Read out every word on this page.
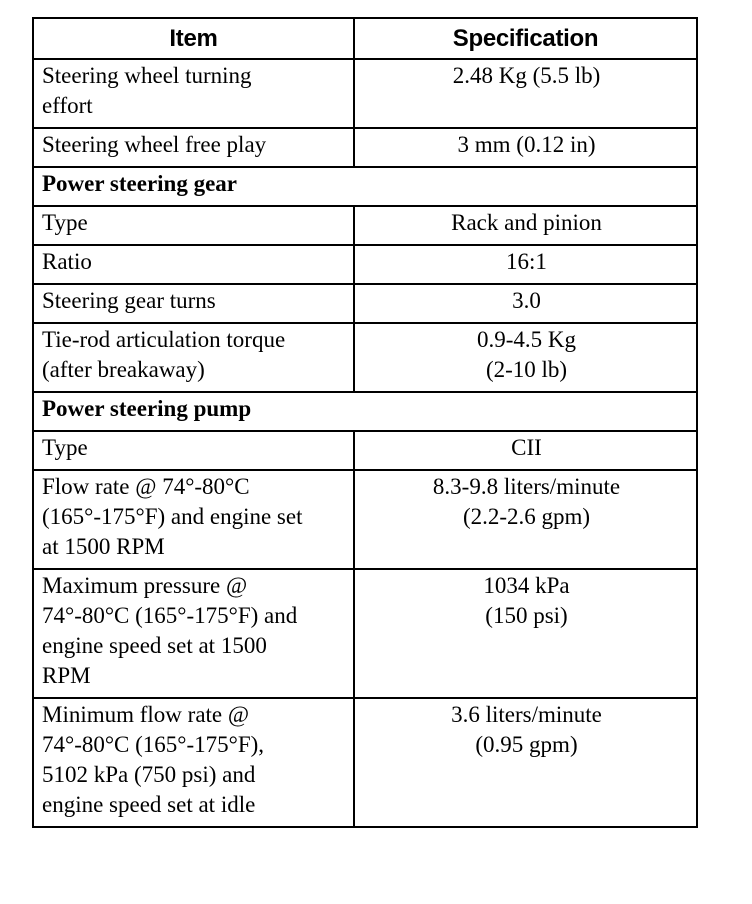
Item	Specification

Steering wheel turning
effort	2.48 Kg (5.5 lb)

Steering wheel free play	3 mm (0.12 in)

Power steering gear	

Type	Rack and pinion

Ratio	16:1

Steering gear turns	3.0

Tie-rod articulation torque
(after breakaway)	0.9-4.5 Kg
(2-10 lb)

Power steering pump	

Type	CII

Flow rate @ 74°-80°C
(165°-175°F) and engine set
at 1500 RPM	8.3-9.8 liters/minute
(2.2-2.6 gpm)

Maximum pressure @
74°-80°C (165°-175°F) and
engine speed set at 1500
RPM	1034 kPa
(150 psi)

Minimum flow rate @
74°-80°C (165°-175°F),
5102 kPa (750 psi) and
engine speed set at idle	3.6 liters/minute
(0.95 gpm)
